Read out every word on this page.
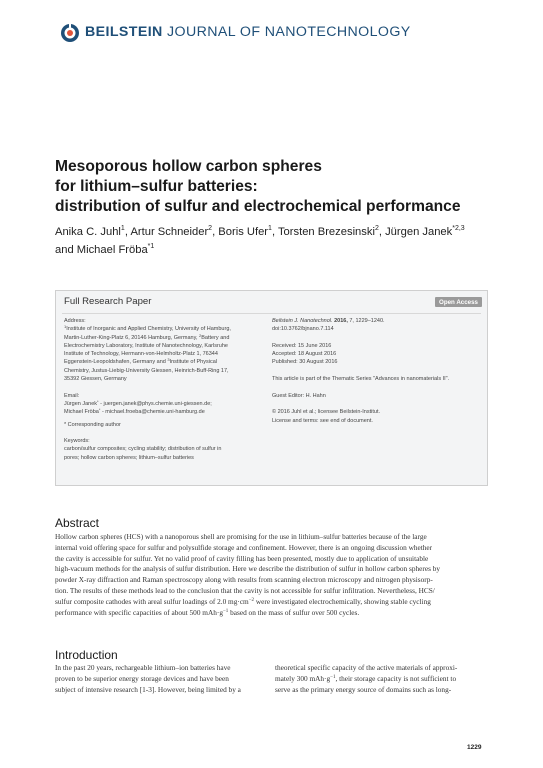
BEILSTEIN JOURNAL OF NANOTECHNOLOGY
Mesoporous hollow carbon spheres
for lithium–sulfur batteries:
distribution of sulfur and electrochemical performance
Anika C. Juhl$^1$, Artur Schneider$^2$, Boris Ufer$^1$, Torsten Brezesinski$^2$, Jürgen Janek$^{*2,3}$
and Michael Fröba$^{*1}$
Full Research Paper	Open Access
Address:
$^1$Institute of Inorganic and Applied Chemistry, University of Hamburg,
Martin-Luther-King-Platz 6, 20146 Hamburg, Germany, $^2$Battery and
Electrochemistry Laboratory, Institute of Nanotechnology, Karlsruhe
Institute of Technology, Hermann-von-Helmholtz-Platz 1, 76344
Eggenstein-Leopoldshafen, Germany and $^3$Institute of Physical
Chemistry, Justus-Liebig-University Giessen, Heinrich-Buff-Ring 17,
35392 Giessen, Germany
Email:
Jürgen Janek* - juergen.janek@phys.chemie.uni-giessen.de;
Michael Fröba* - michael.froeba@chemie.uni-hamburg.de
* Corresponding author
Keywords:
carbon/sulfur composites; cycling stability; distribution of sulfur in
pores; hollow carbon spheres; lithium–sulfur batteries
Beilstein J. Nanotechnol. 2016, 7, 1229–1240.
doi:10.3762/bjnano.7.114
Received: 15 June 2016
Accepted: 18 August 2016
Published: 30 August 2016
This article is part of the Thematic Series "Advances in nanomaterials II".
Guest Editor: H. Hahn
© 2016 Juhl et al.; licensee Beilstein-Institut.
License and terms: see end of document.
Abstract
Hollow carbon spheres (HCS) with a nanoporous shell are promising for the use in lithium–sulfur batteries because of the large
internal void offering space for sulfur and polysulfide storage and confinement. However, there is an ongoing discussion whether
the cavity is accessible for sulfur. Yet no valid proof of cavity filling has been presented, mostly due to application of unsuitable
high-vacuum methods for the analysis of sulfur distribution. Here we describe the distribution of sulfur in hollow carbon spheres by
powder X-ray diffraction and Raman spectroscopy along with results from scanning electron microscopy and nitrogen physisorp-
tion. The results of these methods lead to the conclusion that the cavity is not accessible for sulfur infiltration. Nevertheless, HCS/
sulfur composite cathodes with areal sulfur loadings of 2.0 $mg\cdot cm^{-2}$ were investigated electrochemically, showing stable cycling
performance with specific capacities of about 500 $mAh\cdot g^{-1}$ based on the mass of sulfur over 500 cycles.
Introduction
In the past 20 years, rechargeable lithium–ion batteries have
proven to be superior energy storage devices and have been
subject of intensive research [1-3]. However, being limited by a
theoretical specific capacity of the active materials of approxi-
mately 300 $mAh\cdot g^{-1}$, their storage capacity is not sufficient to
serve as the primary energy source of domains such as long-
1229
